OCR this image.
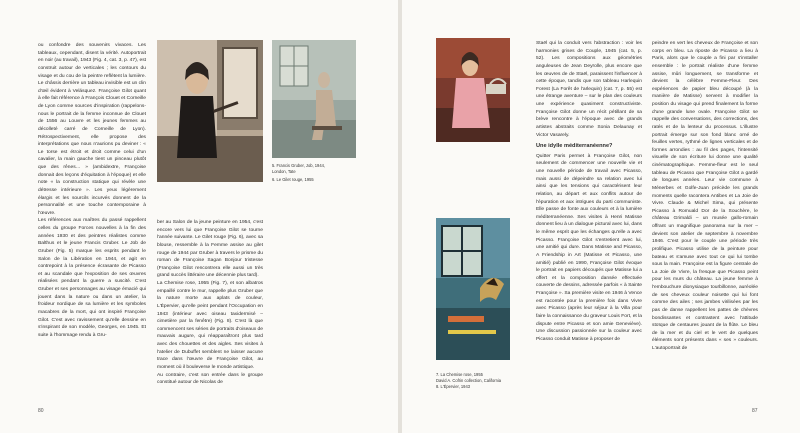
ou confondre des souvenirs vivaces. Les tableaux, cependant, disent la vérité. Autoportrait en noir (au travail), 1943 (Fig. 4, cat. 3, p. 47), est construit autour de verticales ; les contours du visage et du cou de la peintre reflètent la lumière. Le châssis derrière un tableau invisible est un clin d'œil évident à Velásquez. Françoise Gilot quant à elle fait référence à François Clouet et Corneille de Lyon comme sources d'inspiration (rappelons-nous le portrait de la femme inconnue de Clouet de 1556 au Louvre et les jeunes femmes au décolleté carré de Corneille de Lyon). Rétrospectivement, elle propose des interprétations que nous n'aurions pu deviner : « Le torse est étroit et droit comme celui d'un cavalier, la main gauche tient un pinceau plutôt que des rênes… » (ambidextre, Françoise donnait des leçons d'équitation à l'époque) et elle note « la construction statique qui révèle une détresse intérieure ». Les yeux légèrement élargis et les sourcils incurvés donnent de la personnalité et une touche contemporaine à l'œuvre.

Les références aux maîtres du passé rappellent celles du groupe Forces nouvelles à la fin des années 1930 et des peintres réalistes comme Balthus et le jeune Francis Gruber. Le Job de Gruber (Fig. 5) marque les esprits pendant le Salon de la Libération en 1944, et agit en contrepoint à la présence écrasante de Picasso et au scandale que l'exposition de ses œuvres réalisées pendant la guerre a suscité. C'est Gruber et ses personnages au visage émacié qui jouent dans la nature ou dans un atelier, la froideur nordique de sa lumière et les symboles macabres de la mort, qui ont inspiré Françoise Gilot. C'est avec ravissement qu'elle dessine en s'inspirant de son modèle, Georges, en 1945. Et suite à l'hommage rendu à Gru-

5. Francis Gruber, Job, 1944,
London, Tate
6. Le Gilet rouge, 1955

ber au Salon de la jeune peinture en 1954, c'est encore vers lui que Françoise Gilot se tourne l'année suivante. Le Gilet rouge (Fig. 6), avec sa blouse, ressemble à la Femme assise au gilet rouge de 1944 par Gruber à travers le prisme du roman de Françoise Sagan Bonjour tristesse (Françoise Gilot rencontrera elle aussi un très grand succès littéraire une décennie plus tard).

La Chemise rose, 1955 (Fig. 7), et son albatros empaillé contre le mur, rappelle plus Gruber que la nature morte aux aplats de couleur, L'Épervier, qu'elle peint pendant l'Occupation en 1943 (intérieur avec oiseau taxidermisé – cimetière par la fenêtre) (Fig. 8). C'est là que commencent ses séries de portraits d'oiseaux de mauvais augure, qui réapparaîtront plus tard avec des chouettes et des aigles. Ses visites à l'atelier de Dubuffet semblent ne laisser aucune trace dans l'œuvre de Françoise Gilot, au moment où il bouleverse le monde artistique.

Au contraire, c'est son entrée dans le groupe constitué autour de Nicolas de

80
7. La Chemise rose, 1955
David A. Cofrin collection, California
8. L'Épervier, 1943

Staël qui la conduit vers l'abstraction : voir les harmonies grises de Couple, 1945 (cat. 5, p. 52). Les compositions aux géométries anguleuses de Jean Deyrolle, plus encore que les œuvres de de Staël, paraissent l'influencer à cette époque, tandis que son tableau Harlequin Forest (La Forêt de l'arlequin) (cat. 7, p. 55) est une étrange aventure – sur le plan des couleurs une expérience quasiment constructiviste. Françoise Gilot donne un récit pétillant de sa brève rencontre à l'époque avec de grands artistes abstraits comme Sonia Delaunay et Victor Vasarely.

Une idylle méditerranéenne?

Quitter Paris permet à Françoise Gilot, non seulement de commencer une nouvelle vie et une nouvelle période de travail avec Picasso, mais aussi de dépeindre sa relation avec lui ainsi que les tensions qui caractérisent leur relation, au départ et aux conflits autour de l'épuration et aux intrigues du parti communiste. Elle passe de fonte aux couleurs et à la lumière méditerranéenne. Ses visites à Henri Matisse donnent lieu à un dialogue pictural avec lui, dans le même esprit que les échanges qu'elle a avec Picasso. Françoise Gilot s'entretient avec lui, une amitié qui dure. Dans Matisse and Picasso, A Friendship in Art (Matisse et Picasso, une amitié) publié en 1990, Françoise Gilot évoque le portrait en papiers découpés que Matisse lui a offert et la composition dansée effectuée couverte de dessins, adressée parfois « à Sainte Françoise ». Sa première visite en 1946 à Vence est racontée pour la première fois dans Vivre avec Picasso (après leur séjour à la Villa pour faire la connaissance du graveur Louis Fort, et la dispute entre Picasso et son amie Geneviève). Une discussion passionnée sur la couleur avec Picasso conduit Matisse à proposer de

peindre en vert les cheveux de Françoise et son corps en bleu. La riposte de Picasso a lieu à Paris, alors que le couple a fini par s'installer ensemble : le portrait réaliste d'une femme assise, mûri longuement, se transforme et devient la célèbre Femme-Fleur. Des expériences de papier bleu découpé (à la manière de Matisse) servent à modifier la position du visage qui prend finalement la forme d'une grande lune ovale. Françoise Gilot se rappelle des conversations, des corrections, des ratés et de la lenteur du processus. L'illustre portrait émerge sur son fond blanc orné de feuilles vertes, rythmé de lignes verticales et de formes arrondies : au fil des pages, l'intensité visuelle de son écriture lui donne une qualité cinématographique. Femme-fleur est le seul tableau de Picasso que Françoise Gilot a gardé de longues années. Leur vie commune à Ménerbes et Golfe-Juan précède les grands moments quelle racontera Antibes et La Joie de Vivre. Claude & Michel Sima, qui présente Picasso à Romuald Dor de la Souchère, le château Grimaldi – un musée gallo-romain offrant un magnifique panorama sur la mer – devient son atelier de septembre à novembre 1946. C'est pour le couple une période très prolifique. Picasso utilise de la peinture pour bateau et s'amuse avec tout ce qui lui tombe sous la main. Françoise est la figure centrale de La Joie de Vivre, la fresque que Picasso peint pour les murs du château. La jeune femme à l'embouchure dionysiaque tourbillonne, auréolée de ses cheveux couleur noisette qui lui font comme des ailes ; ses jambes virilisées par les pas de danse rappellent les pattes de chèvres bondissantes et contrastent avec l'attitude stoïque de centaures jouant de la flûte. Le bleu de la mer et du ciel et le vert de quelques éléments sont présents dans « ses » couleurs. L'autoportrait de

87
